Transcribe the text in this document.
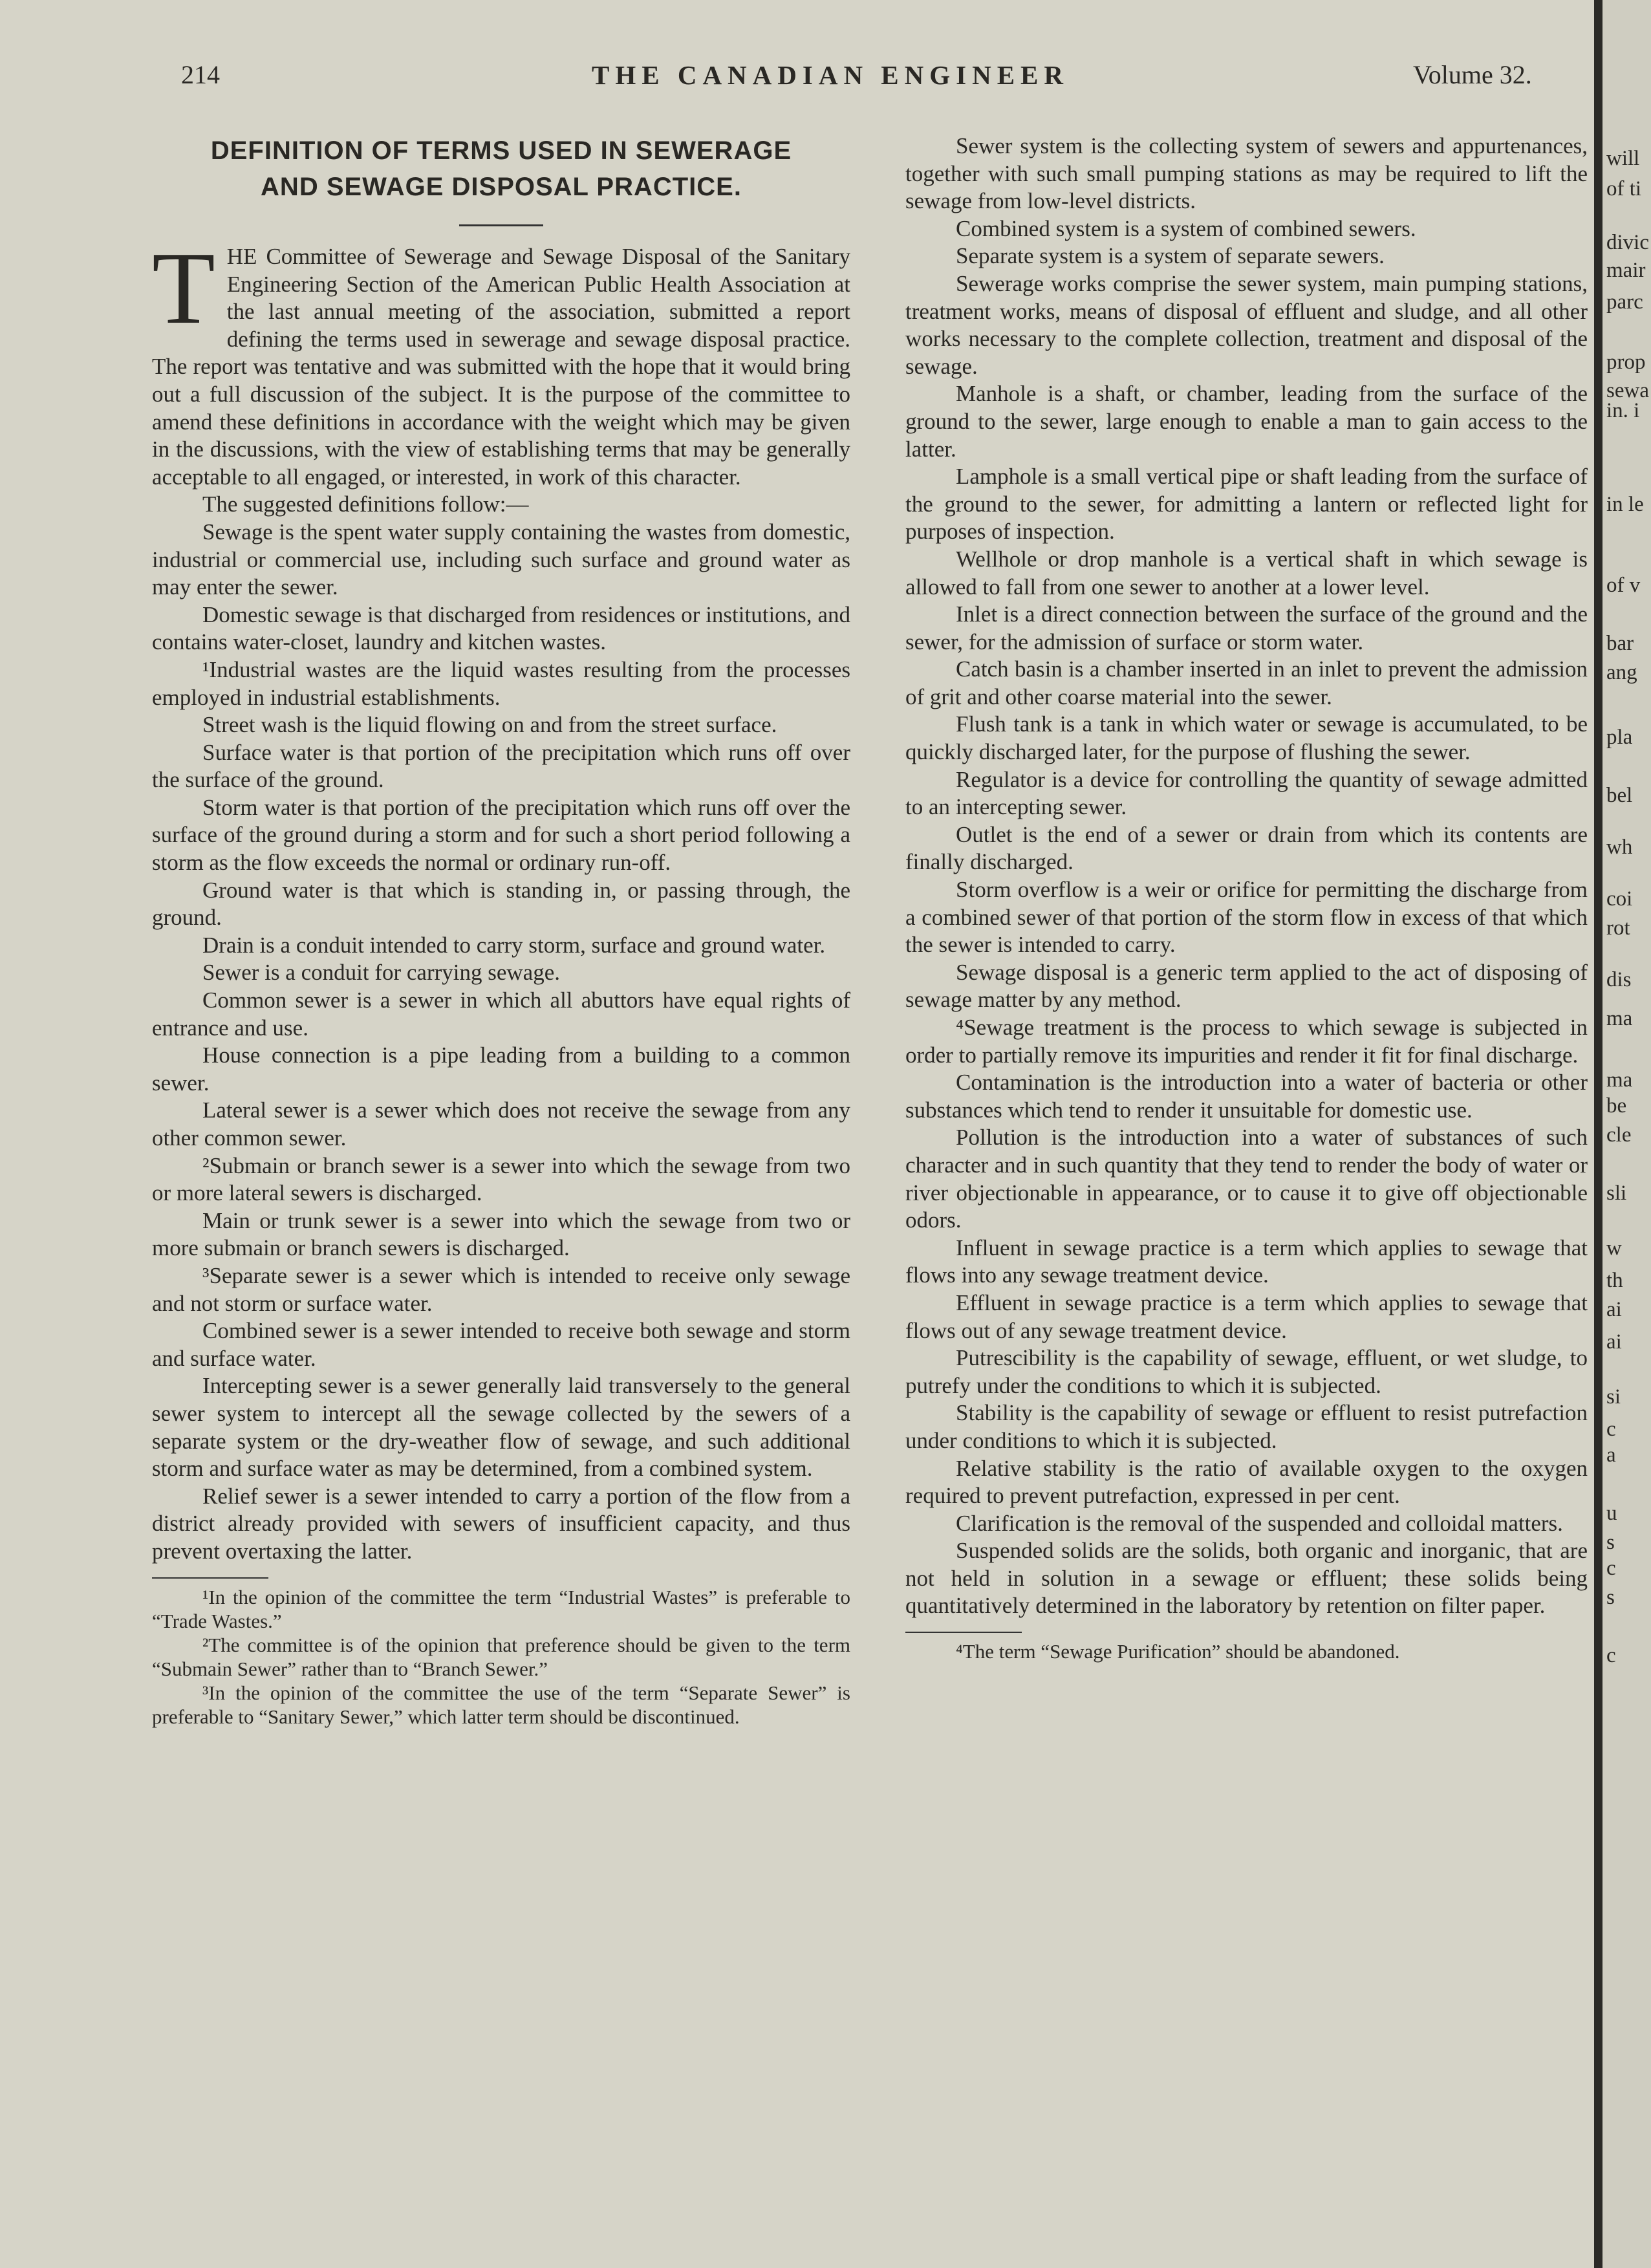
214	THE CANADIAN ENGINEER	Volume 32.
DEFINITION OF TERMS USED IN SEWERAGE
AND SEWAGE DISPOSAL PRACTICE.

THE Committee of Sewerage and Sewage Disposal of the Sanitary Engineering Section of the American Public Health Association at the last annual meeting of the association, submitted a report defining the terms used in sewerage and sewage disposal practice. The report was tentative and was submitted with the hope that it would bring out a full discussion of the subject. It is the purpose of the committee to amend these definitions in accordance with the weight which may be given in the discussions, with the view of establishing terms that may be generally acceptable to all engaged, or interested, in work of this character.

The suggested definitions follow:—

Sewage is the spent water supply containing the wastes from domestic, industrial or commercial use, including such surface and ground water as may enter the sewer.

Domestic sewage is that discharged from residences or institutions, and contains water-closet, laundry and kitchen wastes.

¹Industrial wastes are the liquid wastes resulting from the processes employed in industrial establishments.

Street wash is the liquid flowing on and from the street surface.

Surface water is that portion of the precipitation which runs off over the surface of the ground.

Storm water is that portion of the precipitation which runs off over the surface of the ground during a storm and for such a short period following a storm as the flow exceeds the normal or ordinary run-off.

Ground water is that which is standing in, or passing through, the ground.

Drain is a conduit intended to carry storm, surface and ground water.

Sewer is a conduit for carrying sewage.

Common sewer is a sewer in which all abuttors have equal rights of entrance and use.

House connection is a pipe leading from a building to a common sewer.

Lateral sewer is a sewer which does not receive the sewage from any other common sewer.

²Submain or branch sewer is a sewer into which the sewage from two or more lateral sewers is discharged.

Main or trunk sewer is a sewer into which the sewage from two or more submain or branch sewers is discharged.

³Separate sewer is a sewer which is intended to receive only sewage and not storm or surface water.

Combined sewer is a sewer intended to receive both sewage and storm and surface water.

Intercepting sewer is a sewer generally laid transversely to the general sewer system to intercept all the sewage collected by the sewers of a separate system or the dry-weather flow of sewage, and such additional storm and surface water as may be determined, from a combined system.

Relief sewer is a sewer intended to carry a portion of the flow from a district already provided with sewers of insufficient capacity, and thus prevent overtaxing the latter.

¹In the opinion of the committee the term “Industrial Wastes” is preferable to “Trade Wastes.”

²The committee is of the opinion that preference should be given to the term “Submain Sewer” rather than to “Branch Sewer.”

³In the opinion of the committee the use of the term “Separate Sewer” is preferable to “Sanitary Sewer,” which latter term should be discontinued.

Sewer system is the collecting system of sewers and appurtenances, together with such small pumping stations as may be required to lift the sewage from low-level districts.

Combined system is a system of combined sewers.

Separate system is a system of separate sewers.

Sewerage works comprise the sewer system, main pumping stations, treatment works, means of disposal of effluent and sludge, and all other works necessary to the complete collection, treatment and disposal of the sewage.

Manhole is a shaft, or chamber, leading from the surface of the ground to the sewer, large enough to enable a man to gain access to the latter.

Lamphole is a small vertical pipe or shaft leading from the surface of the ground to the sewer, for admitting a lantern or reflected light for purposes of inspection.

Wellhole or drop manhole is a vertical shaft in which sewage is allowed to fall from one sewer to another at a lower level.

Inlet is a direct connection between the surface of the ground and the sewer, for the admission of surface or storm water.

Catch basin is a chamber inserted in an inlet to prevent the admission of grit and other coarse material into the sewer.

Flush tank is a tank in which water or sewage is accumulated, to be quickly discharged later, for the purpose of flushing the sewer.

Regulator is a device for controlling the quantity of sewage admitted to an intercepting sewer.

Outlet is the end of a sewer or drain from which its contents are finally discharged.

Storm overflow is a weir or orifice for permitting the discharge from a combined sewer of that portion of the storm flow in excess of that which the sewer is intended to carry.

Sewage disposal is a generic term applied to the act of disposing of sewage matter by any method.

⁴Sewage treatment is the process to which sewage is subjected in order to partially remove its impurities and render it fit for final discharge.

Contamination is the introduction into a water of bacteria or other substances which tend to render it unsuitable for domestic use.

Pollution is the introduction into a water of substances of such character and in such quantity that they tend to render the body of water or river objectionable in appearance, or to cause it to give off objectionable odors.

Influent in sewage practice is a term which applies to sewage that flows into any sewage treatment device.

Effluent in sewage practice is a term which applies to sewage that flows out of any sewage treatment device.

Putrescibility is the capability of sewage, effluent, or wet sludge, to putrefy under the conditions to which it is subjected.

Stability is the capability of sewage or effluent to resist putrefaction under conditions to which it is subjected.

Relative stability is the ratio of available oxygen to the oxygen required to prevent putrefaction, expressed in per cent.

Clarification is the removal of the suspended and colloidal matters.

Suspended solids are the solids, both organic and inorganic, that are not held in solution in a sewage or effluent; these solids being quantitatively determined in the laboratory by retention on filter paper.

⁴The term “Sewage Purification” should be abandoned.

will
of ti
divic
mair
parc
prop
sewa
in. i
in le
of v
bar
ang
pla
bel
wh
coi
rot
dis
ma
ma
be
cle
sli
w
th
ai
ai
si
c
a
u
s
c
s
c
